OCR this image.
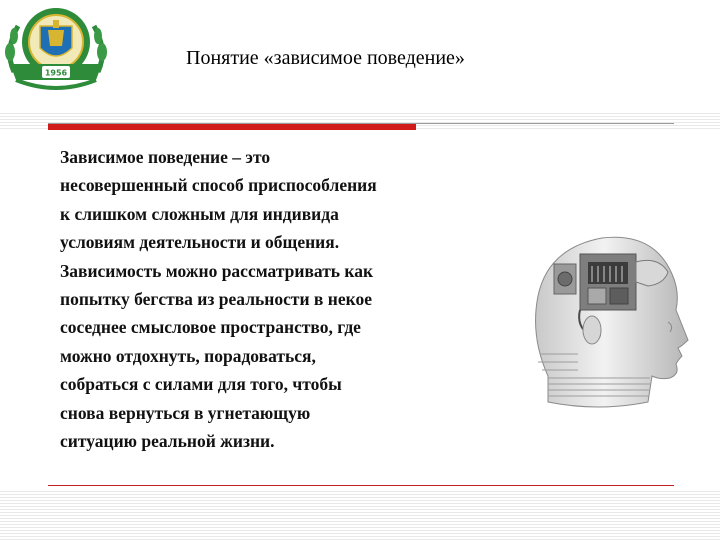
1956
Понятие «зависимое поведение»
Зависимое поведение – это
несовершенный способ приспособления
к слишком сложным для индивида
условиям деятельности и общения.
Зависимость можно рассматривать как
попытку бегства из реальности в некое
соседнее смысловое пространство, где
можно отдохнуть, порадоваться,
собраться с силами для того, чтобы
снова вернуться в угнетающую
ситуацию реальной жизни.
